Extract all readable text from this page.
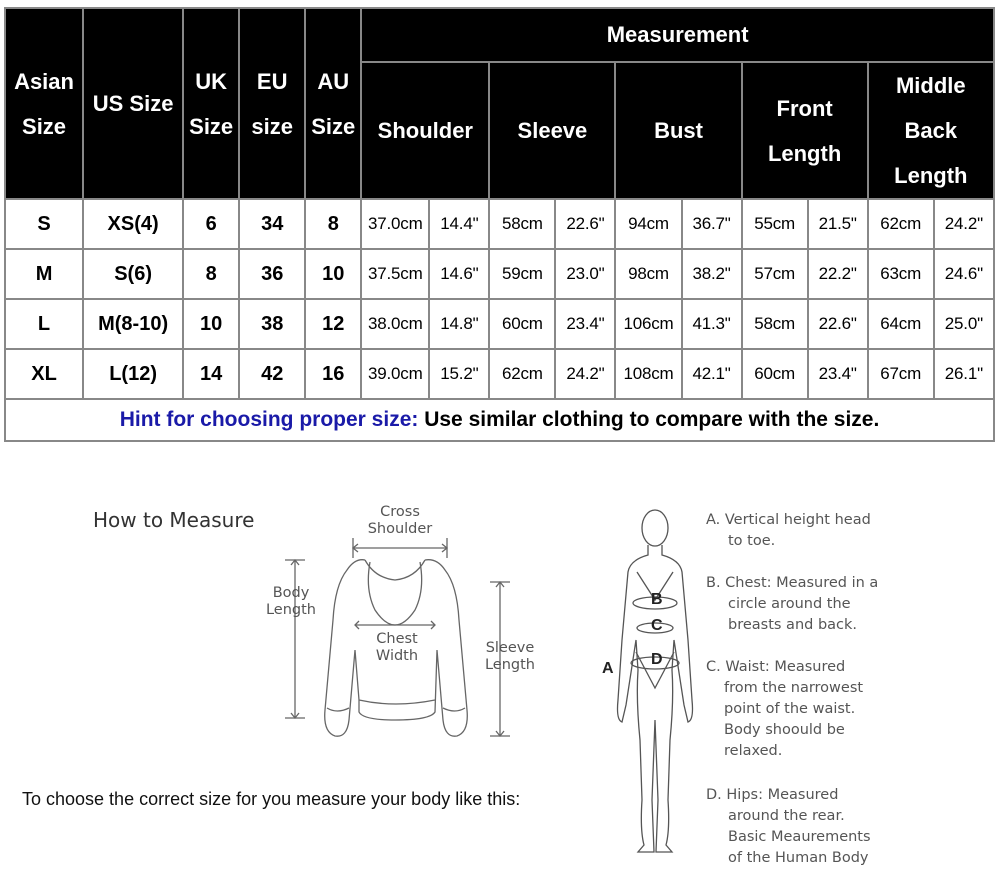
Asian Size	US Size	UK Size	EU size	AU Size	Measurement									
					Shoulder		Sleeve		Bust		Front Length		Middle Back Length	
S	XS(4)	6	34	8	37.0cm	14.4"	58cm	22.6"	94cm	36.7"	55cm	21.5"	62cm	24.2"
M	S(6)	8	36	10	37.5cm	14.6"	59cm	23.0"	98cm	38.2"	57cm	22.2"	63cm	24.6"
L	M(8-10)	10	38	12	38.0cm	14.8"	60cm	23.4"	106cm	41.3"	58cm	22.6"	64cm	25.0"
XL	L(12)	14	42	16	39.0cm	15.2"	62cm	24.2"	108cm	42.1"	60cm	23.4"	67cm	26.1"
Hint for choosing proper size: Use similar clothing to compare with the size.														
How to Measure	Cross
Shoulder
Body
Length
Chest
Width	Sleeve
Length
To choose the correct size for you measure your body like this:
B
C
D
A
A. Vertical height head
to toe.
B. Chest: Measured in a
circle around the
breasts and back.
C. Waist: Measured
from the narrowest
point of the waist.
Body shoould be
relaxed.
D. Hips: Measured
around the rear.
Basic Meaurements
of the Human Body
